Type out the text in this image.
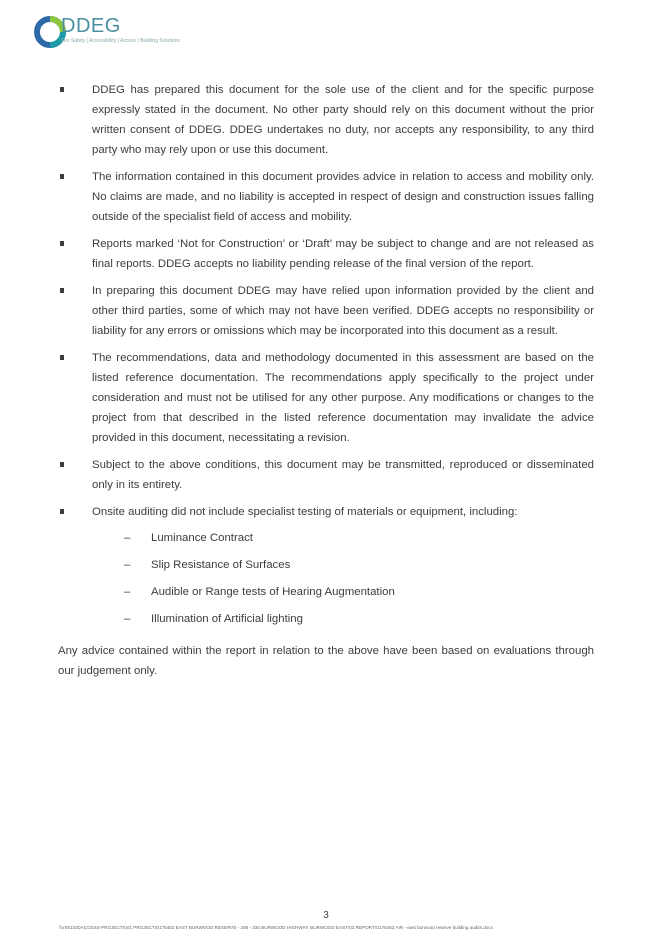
DDEG
Fire Safety | Accessibility | Access | Building Solutions
DDEG has prepared this document for the sole use of the client and for the specific purpose expressly stated in the document. No other party should rely on this document without the prior written consent of DDEG. DDEG undertakes no duty, nor accepts any responsibility, to any third party who may rely upon or use this document.
The information contained in this document provides advice in relation to access and mobility only. No claims are made, and no liability is accepted in respect of design and construction issues falling outside of the specialist field of access and mobility.
Reports marked ‘Not for Construction’ or ‘Draft’ may be subject to change and are not released as final reports. DDEG accepts no liability pending release of the final version of the report.
In preparing this document DDEG may have relied upon information provided by the client and other third parties, some of which may not have been verified. DDEG accepts no responsibility or liability for any errors or omissions which may be incorporated into this document as a result.
The recommendations, data and methodology documented in this assessment are based on the listed reference documentation. The recommendations apply specifically to the project under consideration and must not be utilised for any other purpose. Any modifications or changes to the project from that described in the listed reference documentation may invalidate the advice provided in this document, necessitating a revision.
Subject to the above conditions, this document may be transmitted, reproduced or disseminated only in its entirety.
Onsite auditing did not include specialist testing of materials or equipment, including:
– Luminance Contract
– Slip Resistance of Surfaces
– Audible or Range tests of Hearing Augmentation
– Illumination of Artificial lighting

Any advice contained within the report in relation to the above have been based on evaluations through our judgement only.

3
\\VS01\DDACCESS-PROJECTS\01 PROJECTS\175452 EAST BURWOOD RESERVE - 298 - 336 BURWOOD HIGHWAY, BURWOOD EAST\03 REPORTS\175452 AIR - east burwood reserve building audits.docx
